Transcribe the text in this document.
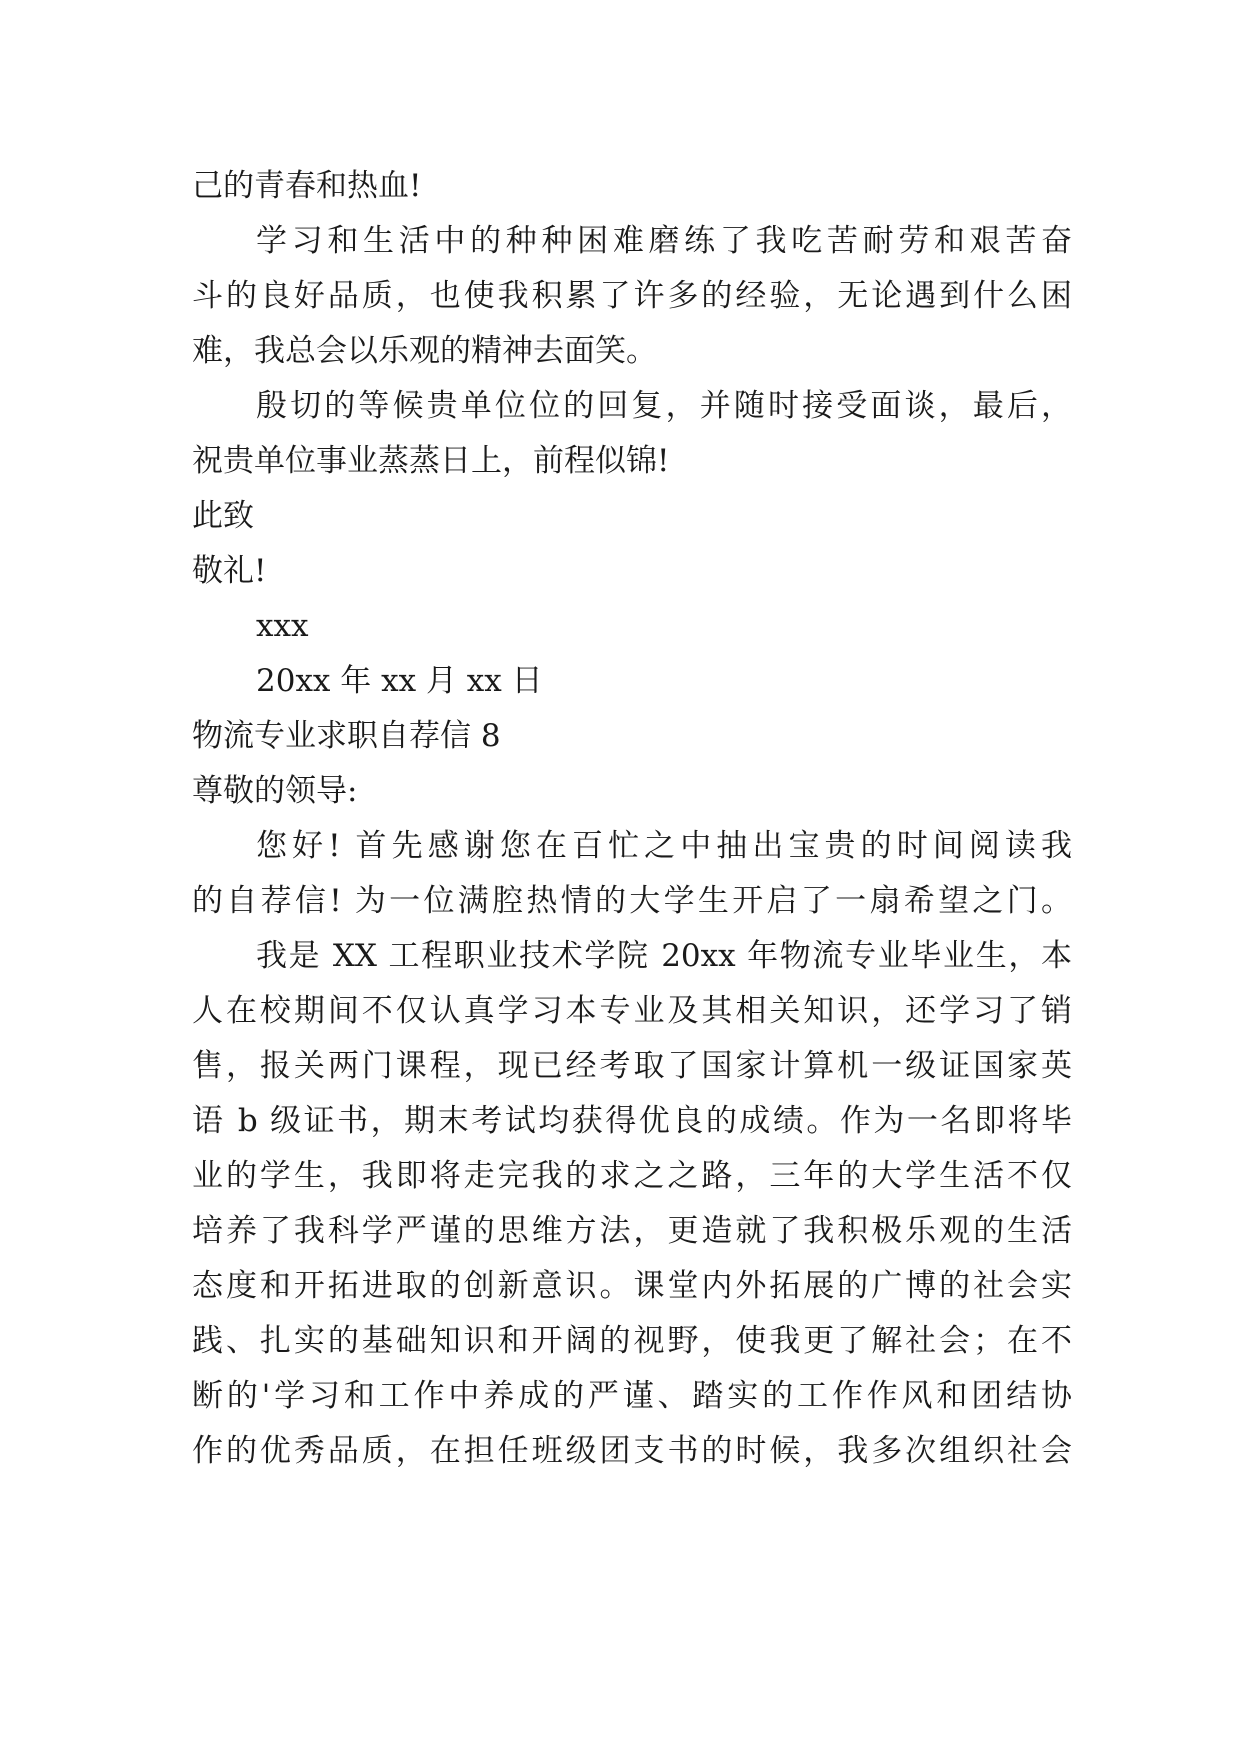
己的青春和热血!
学习和生活中的种种困难磨练了我吃苦耐劳和艰苦奋
斗的良好品质，也使我积累了许多的经验，无论遇到什么困
难，我总会以乐观的精神去面笑。
殷切的等候贵单位位的回复，并随时接受面谈，最后，
祝贵单位事业蒸蒸日上，前程似锦!
此致
敬礼!
xxx
20xx 年 xx 月 xx 日
物流专业求职自荐信 8
尊敬的领导:
您好! 首先感谢您在百忙之中抽出宝贵的时间阅读我
的自荐信! 为一位满腔热情的大学生开启了一扇希望之门。
我是 XX 工程职业技术学院 20xx 年物流专业毕业生，本
人在校期间不仅认真学习本专业及其相关知识，还学习了销
售，报关两门课程，现已经考取了国家计算机一级证国家英
语 b 级证书，期末考试均获得优良的成绩。作为一名即将毕
业的学生，我即将走完我的求之之路，三年的大学生活不仅
培养了我科学严谨的思维方法，更造就了我积极乐观的生活
态度和开拓进取的创新意识。课堂内外拓展的广博的社会实
践、扎实的基础知识和开阔的视野，使我更了解社会；在不
断的'学习和工作中养成的严谨、踏实的工作作风和团结协
作的优秀品质，在担任班级团支书的时候，我多次组织社会
